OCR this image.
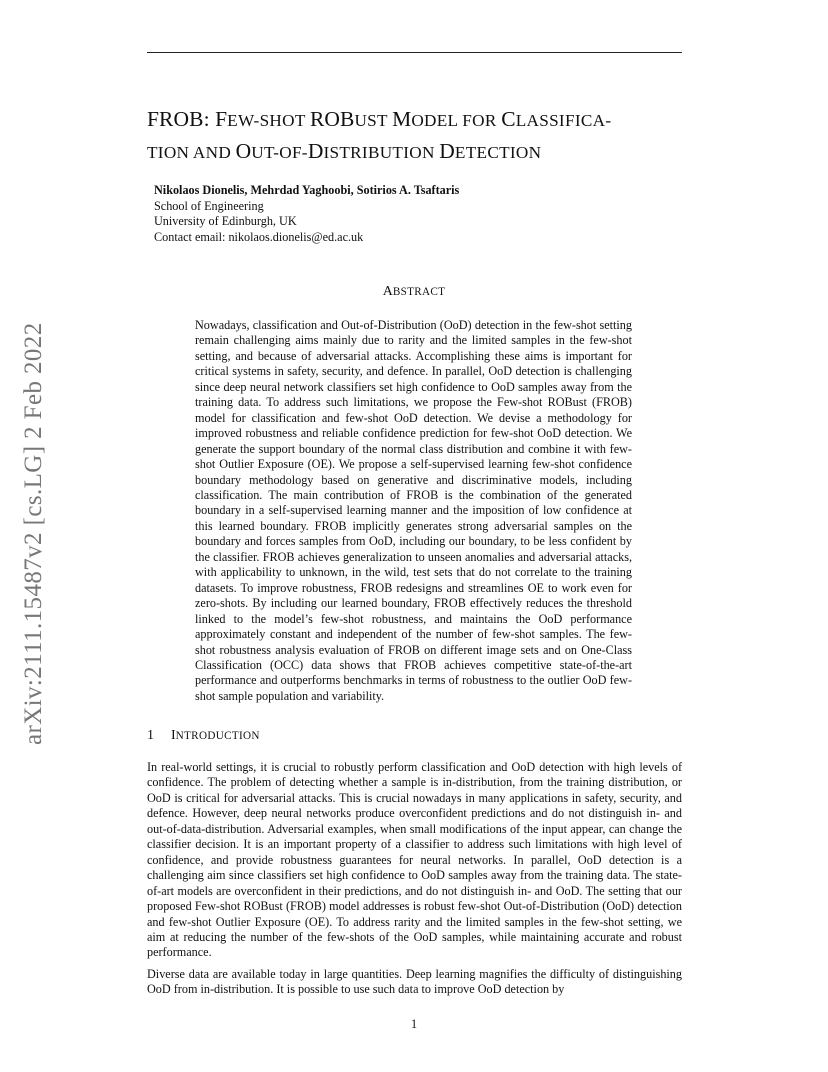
arXiv:2111.15487v2 [cs.LG] 2 Feb 2022
FROB: FEW-SHOT ROBUST MODEL FOR CLASSIFICA-
TION AND OUT-OF-DISTRIBUTION DETECTION
Nikolaos Dionelis, Mehrdad Yaghoobi, Sotirios A. Tsaftaris
School of Engineering
University of Edinburgh, UK
Contact email: nikolaos.dionelis@ed.ac.uk
ABSTRACT
Nowadays, classification and Out-of-Distribution (OoD) detection in the few-shot setting remain challenging aims mainly due to rarity and the limited samples in the few-shot setting, and because of adversarial attacks. Accomplishing these aims is important for critical systems in safety, security, and defence. In parallel, OoD detection is challenging since deep neural network classifiers set high confidence to OoD samples away from the training data. To address such limitations, we propose the Few-shot ROBust (FROB) model for classification and few-shot OoD detection. We devise a methodology for improved robustness and reliable confidence prediction for few-shot OoD detection. We generate the support boundary of the normal class distribution and combine it with few-shot Outlier Exposure (OE). We propose a self-supervised learning few-shot confidence boundary methodology based on generative and discriminative models, including classification. The main contribution of FROB is the combination of the generated boundary in a self-supervised learning manner and the imposition of low confidence at this learned boundary. FROB implicitly generates strong adversarial samples on the boundary and forces samples from OoD, including our boundary, to be less confident by the classifier. FROB achieves generalization to unseen anomalies and adversarial attacks, with applicability to unknown, in the wild, test sets that do not correlate to the training datasets. To improve robustness, FROB redesigns and streamlines OE to work even for zero-shots. By including our learned boundary, FROB effectively reduces the threshold linked to the model’s few-shot robustness, and maintains the OoD performance approximately constant and independent of the number of few-shot samples. The few-shot robustness analysis evaluation of FROB on different image sets and on One-Class Classification (OCC) data shows that FROB achieves competitive state-of-the-art performance and outperforms benchmarks in terms of robustness to the outlier OoD few-shot sample population and variability.
1 INTRODUCTION

In real-world settings, it is crucial to robustly perform classification and OoD detection with high levels of confidence. The problem of detecting whether a sample is in-distribution, from the training distribution, or OoD is critical for adversarial attacks. This is crucial nowadays in many applications in safety, security, and defence. However, deep neural networks produce overconfident predictions and do not distinguish in- and out-of-data-distribution. Adversarial examples, when small modifications of the input appear, can change the classifier decision. It is an important property of a classifier to address such limitations with high level of confidence, and provide robustness guarantees for neural networks. In parallel, OoD detection is a challenging aim since classifiers set high confidence to OoD samples away from the training data. The state-of-art models are overconfident in their predictions, and do not distinguish in- and OoD. The setting that our proposed Few-shot ROBust (FROB) model addresses is robust few-shot Out-of-Distribution (OoD) detection and few-shot Outlier Exposure (OE). To address rarity and the limited samples in the few-shot setting, we aim at reducing the number of the few-shots of the OoD samples, while maintaining accurate and robust performance.

Diverse data are available today in large quantities. Deep learning magnifies the difficulty of distinguishing OoD from in-distribution. It is possible to use such data to improve OoD detection by

1
